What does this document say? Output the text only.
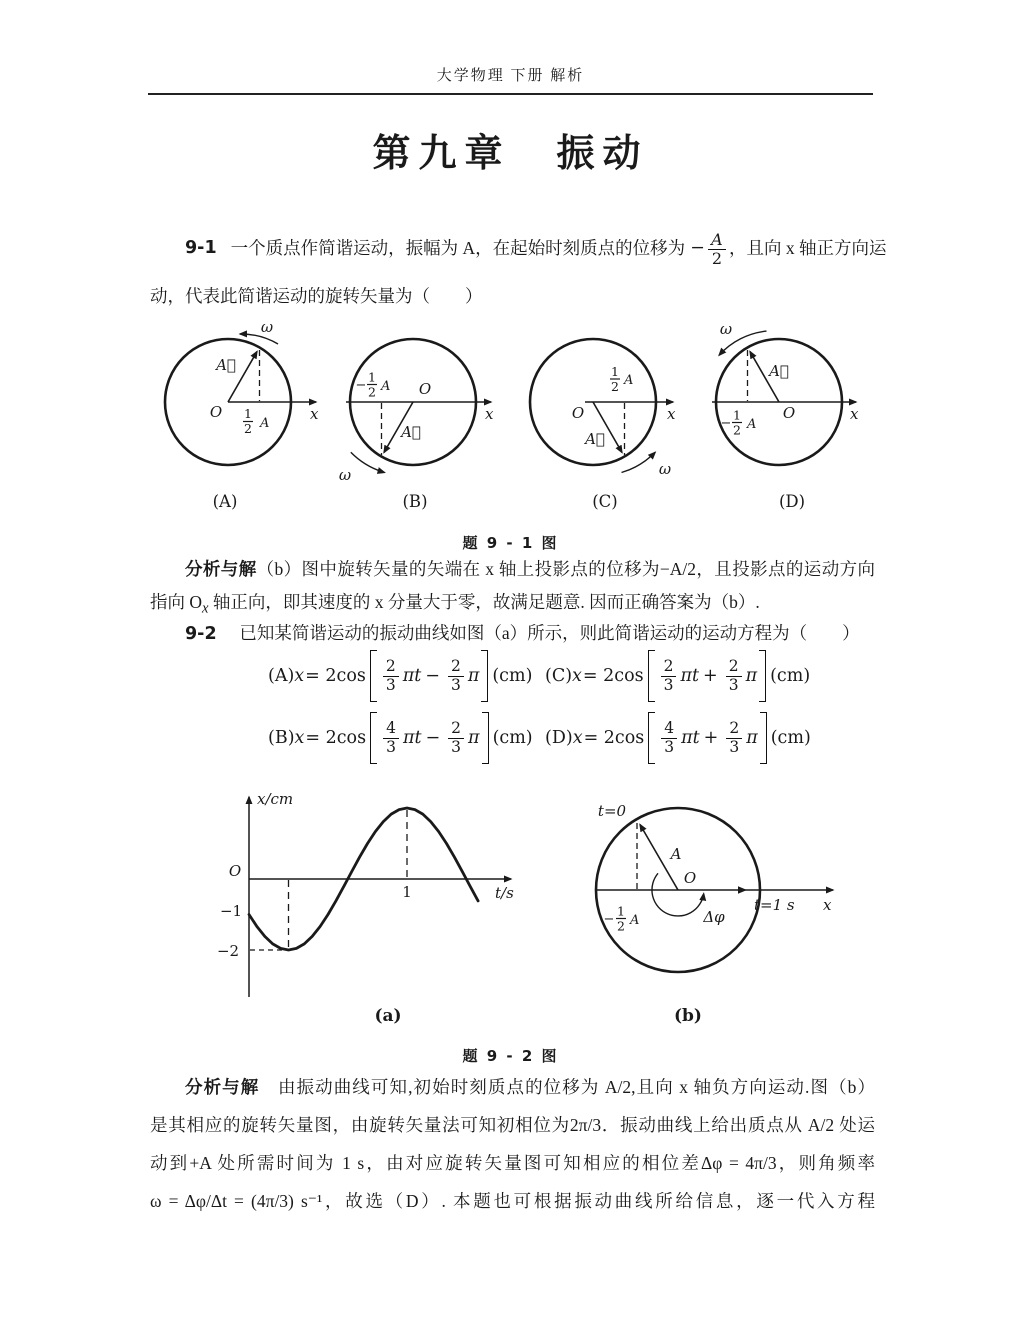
大学物理 下册 解析
第九章　振动
9-1 一个质点作简谐运动，振幅为 A，在起始时刻质点的位移为 − $\frac{A}{2}$ ，且向 x 轴正方向运
动，代表此简谐运动的旋转矢量为（　　）
ω
A⃗
O 1
2 A
x
ω
A⃗
O
−
1
2 A
x
ω
A⃗
O
1
2 A
x
ω
A⃗
O
−
1
2 A
x
(A)	(B)	(C)	(D)
题 9 - 1 图
分析与解（b）图中旋转矢量的矢端在 x 轴上投影点的位移为−A/2，且投影点的运动方向
指向 $O_x$ 轴正向，即其速度的 x 分量大于零，故满足题意. 因而正确答案为（b）.
9-2 已知某简谐运动的振动曲线如图（a）所示，则此简谐运动的运动方程为（　　）
(A) $x = 2\cos \frac{2}{3}$ $\pi t - \frac{2}{3}$ π (cm) (C) $x = 2\cos \frac{2}{3}$ $\pi t + \frac{2}{3}$ π (cm)
(B) $x = 2\cos \frac{4}{3}$ $\pi t - \frac{2}{3}$ π (cm) (D) $x = 2\cos \frac{4}{3}$ $\pi t + \frac{2}{3}$ π (cm)
x/cm
O
t/s
−1
−2
1
t=0
A
O
−
1
2 A	Δφ
t=1 s x
(a)	(b)
题 9 - 2 图
分析与解　由振动曲线可知,初始时刻质点的位移为 A/2,且向 x 轴负方向运动.图（b）
是其相应的旋转矢量图，由旋转矢量法可知初相位为2π/3．振动曲线上给出质点从 A/2 处运
动到+A 处所需时间为 1 s，由对应旋转矢量图可知相应的相位差Δφ = 4π/3，则角频率
ω = Δφ/Δt = (4π/3) s⁻¹，故选（D）. 本题也可根据振动曲线所给信息，逐一代入方程
